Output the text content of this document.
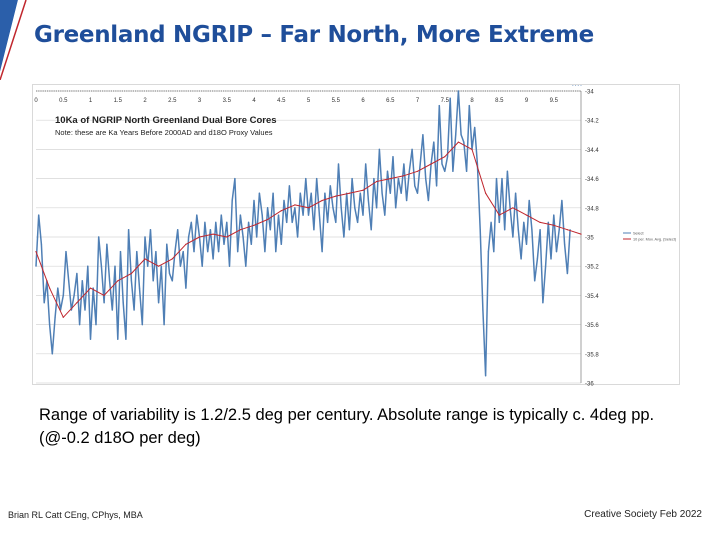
Greenland NGRIP – Far North, More Extreme
-34
-34.2
-34.4
-34.6
-34.8
-35
-35.2
-35.4
-35.6
-35.8
-36
0	0.5	1	1.5	2	2.5	3	3.5	4	4.5	5	5.5	6	6.5	7	7.5	8	8.5	9	9.5
10Ka of NGRIP North Greenland Dual Bore Cores
Note: these are Ka Years Before 2000AD and d18O Proxy Values
Select
10 per. Mov. Avg. (Select)
Range of variability is 1.2/2.5 deg per century. Absolute range is typically c. 4deg pp. (@-0.2 d18O per deg)
Brian RL Catt CEng, CPhys, MBA	Creative Society Feb 2022
